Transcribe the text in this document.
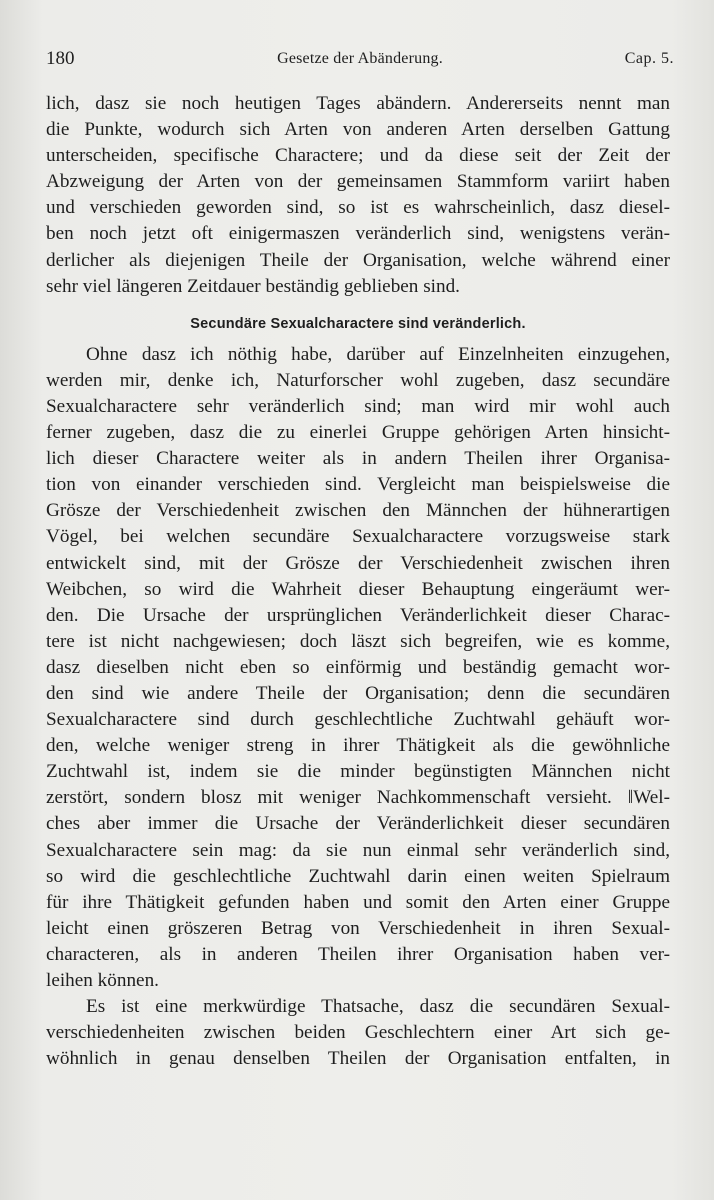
180	Gesetze der Abänderung.	Cap. 5.
lich, dasz sie noch heutigen Tages abändern. Andererseits nennt man
die Punkte, wodurch sich Arten von anderen Arten derselben Gattung
unterscheiden, specifische Charactere; und da diese seit der Zeit der
Abzweigung der Arten von der gemeinsamen Stammform variirt haben
und verschieden geworden sind, so ist es wahrscheinlich, dasz diesel-
ben noch jetzt oft einigermaszen veränderlich sind, wenigstens verän-
derlicher als diejenigen Theile der Organisation, welche während einer
sehr viel längeren Zeitdauer beständig geblieben sind.
Secundäre Sexualcharactere sind veränderlich.
Ohne dasz ich nöthig habe, darüber auf Einzelnheiten einzugehen,
werden mir, denke ich, Naturforscher wohl zugeben, dasz secundäre
Sexualcharactere sehr veränderlich sind; man wird mir wohl auch
ferner zugeben, dasz die zu einerlei Gruppe gehörigen Arten hinsicht-
lich dieser Charactere weiter als in andern Theilen ihrer Organisa-
tion von einander verschieden sind. Vergleicht man beispielsweise die
Grösze der Verschiedenheit zwischen den Männchen der hühnerartigen
Vögel, bei welchen secundäre Sexualcharactere vorzugsweise stark
entwickelt sind, mit der Grösze der Verschiedenheit zwischen ihren
Weibchen, so wird die Wahrheit dieser Behauptung eingeräumt wer-
den. Die Ursache der ursprünglichen Veränderlichkeit dieser Charac-
tere ist nicht nachgewiesen; doch läszt sich begreifen, wie es komme,
dasz dieselben nicht eben so einförmig und beständig gemacht wor-
den sind wie andere Theile der Organisation; denn die secundären
Sexualcharactere sind durch geschlechtliche Zuchtwahl gehäuft wor-
den, welche weniger streng in ihrer Thätigkeit als die gewöhnliche
Zuchtwahl ist, indem sie die minder begünstigten Männchen nicht
zerstört, sondern blosz mit weniger Nachkommenschaft versieht. ‖Wel-
ches aber immer die Ursache der Veränderlichkeit dieser secundären
Sexualcharactere sein mag: da sie nun einmal sehr veränderlich sind,
so wird die geschlechtliche Zuchtwahl darin einen weiten Spielraum
für ihre Thätigkeit gefunden haben und somit den Arten einer Gruppe
leicht einen gröszeren Betrag von Verschiedenheit in ihren Sexual-
characteren, als in anderen Theilen ihrer Organisation haben ver-
leihen können.
Es ist eine merkwürdige Thatsache, dasz die secundären Sexual-
verschiedenheiten zwischen beiden Geschlechtern einer Art sich ge-
wöhnlich in genau denselben Theilen der Organisation entfalten, in
